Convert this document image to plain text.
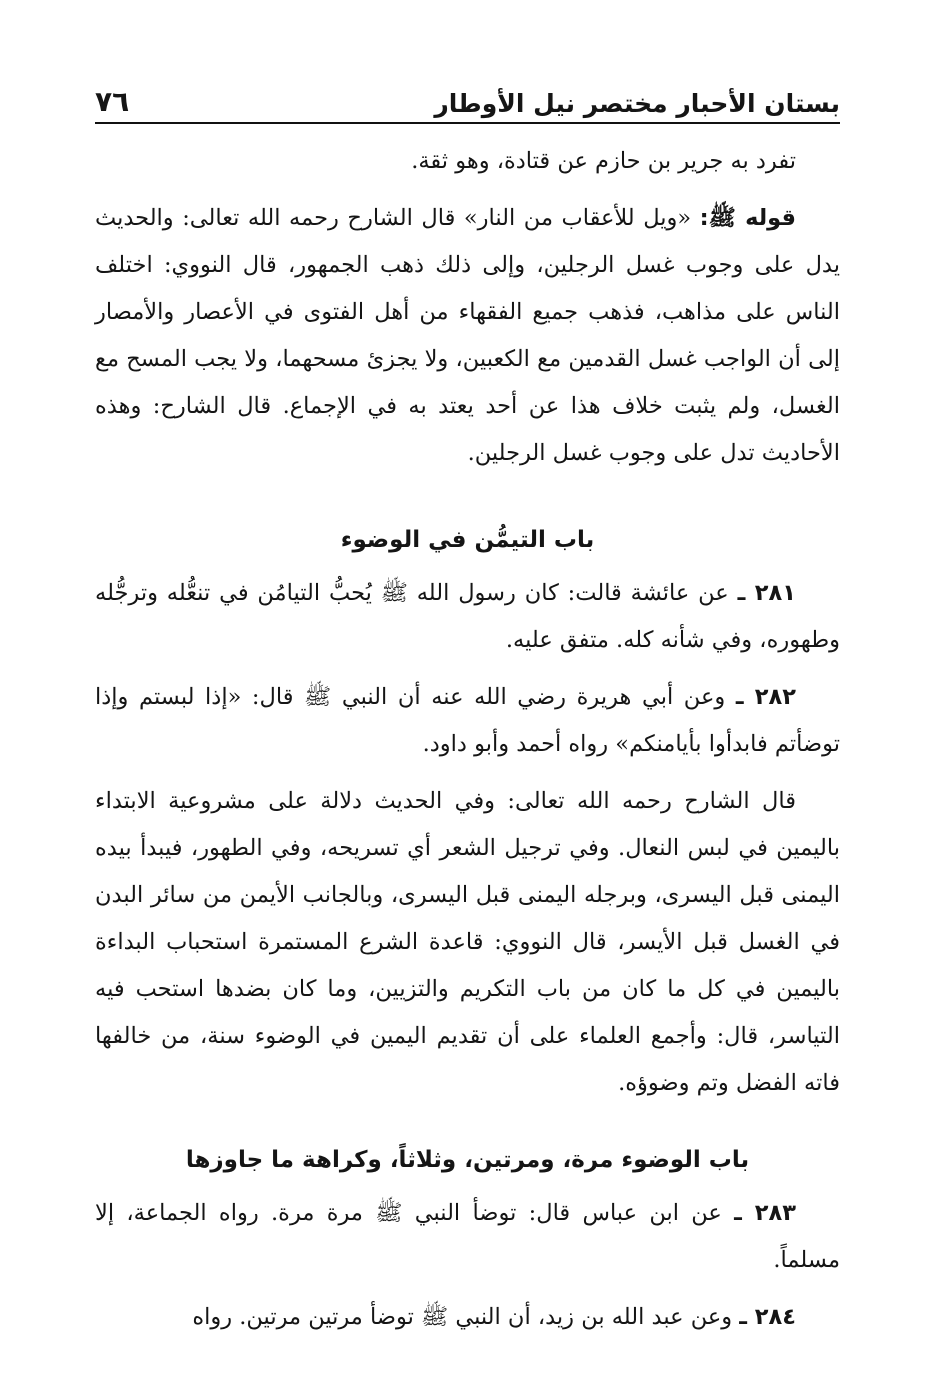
بستان الأحبار مختصر نيل الأوطار
٧٦

تفرد به جرير بن حازم عن قتادة، وهو ثقة.

قوله ﷺ: «ويل للأعقاب من النار» قال الشارح رحمه الله تعالى: والحديث يدل على وجوب غسل الرجلين، وإلى ذلك ذهب الجمهور، قال النووي: اختلف الناس على مذاهب، فذهب جميع الفقهاء من أهل الفتوى في الأعصار والأمصار إلى أن الواجب غسل القدمين مع الكعبين، ولا يجزئ مسحهما، ولا يجب المسح مع الغسل، ولم يثبت خلاف هذا عن أحد يعتد به في الإجماع. قال الشارح: وهذه الأحاديث تدل على وجوب غسل الرجلين.

باب التيمُّن في الوضوء

٢٨١ ـ عن عائشة قالت: كان رسول الله ﷺ يُحبُّ التيامُن في تنعُّله وترجُّله وطهوره، وفي شأنه كله. متفق عليه.

٢٨٢ ـ وعن أبي هريرة رضي الله عنه أن النبي ﷺ قال: «إذا لبستم وإذا توضأتم فابدأوا بأيامنكم» رواه أحمد وأبو داود.

قال الشارح رحمه الله تعالى: وفي الحديث دلالة على مشروعية الابتداء باليمين في لبس النعال. وفي ترجيل الشعر أي تسريحه، وفي الطهور، فيبدأ بيده اليمنى قبل اليسرى، وبرجله اليمنى قبل اليسرى، وبالجانب الأيمن من سائر البدن في الغسل قبل الأيسر، قال النووي: قاعدة الشرع المستمرة استحباب البداءة باليمين في كل ما كان من باب التكريم والتزيين، وما كان بضدها استحب فيه التياسر، قال: وأجمع العلماء على أن تقديم اليمين في الوضوء سنة، من خالفها فاته الفضل وتم وضوؤه.

باب الوضوء مرة، ومرتين، وثلاثاً، وكراهة ما جاوزها

٢٨٣ ـ عن ابن عباس قال: توضأ النبي ﷺ مرة مرة. رواه الجماعة، إلا مسلماً.

٢٨٤ ـ وعن عبد الله بن زيد، أن النبي ﷺ توضأ مرتين مرتين. رواه
